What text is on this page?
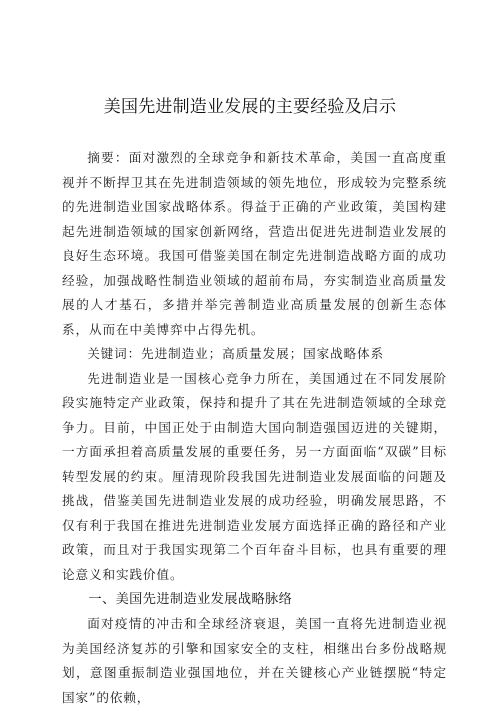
美国先进制造业发展的主要经验及启示

摘要：面对激烈的全球竞争和新技术革命，美国一直高度重视并不断捍卫其在先进制造领域的领先地位，形成较为完整系统的先进制造业国家战略体系。得益于正确的产业政策，美国构建起先进制造领域的国家创新网络，营造出促进先进制造业发展的良好生态环境。我国可借鉴美国在制定先进制造战略方面的成功经验，加强战略性制造业领域的超前布局，夯实制造业高质量发展的人才基石，多措并举完善制造业高质量发展的创新生态体系，从而在中美博弈中占得先机。

关键词：先进制造业；高质量发展；国家战略体系

先进制造业是一国核心竞争力所在，美国通过在不同发展阶段实施特定产业政策，保持和提升了其在先进制造领域的全球竞争力。目前，中国正处于由制造大国向制造强国迈进的关键期，一方面承担着高质量发展的重要任务，另一方面面临“双碳”目标转型发展的约束。厘清现阶段我国先进制造业发展面临的问题及挑战，借鉴美国先进制造业发展的成功经验，明确发展思路，不仅有利于我国在推进先进制造业发展方面选择正确的路径和产业政策，而且对于我国实现第二个百年奋斗目标，也具有重要的理论意义和实践价值。

一、美国先进制造业发展战略脉络

面对疫情的冲击和全球经济衰退，美国一直将先进制造业视为美国经济复苏的引擎和国家安全的支柱，相继出台多份战略规划，意图重振制造业强国地位，并在关键核心产业链摆脱“特定国家”的依赖，
